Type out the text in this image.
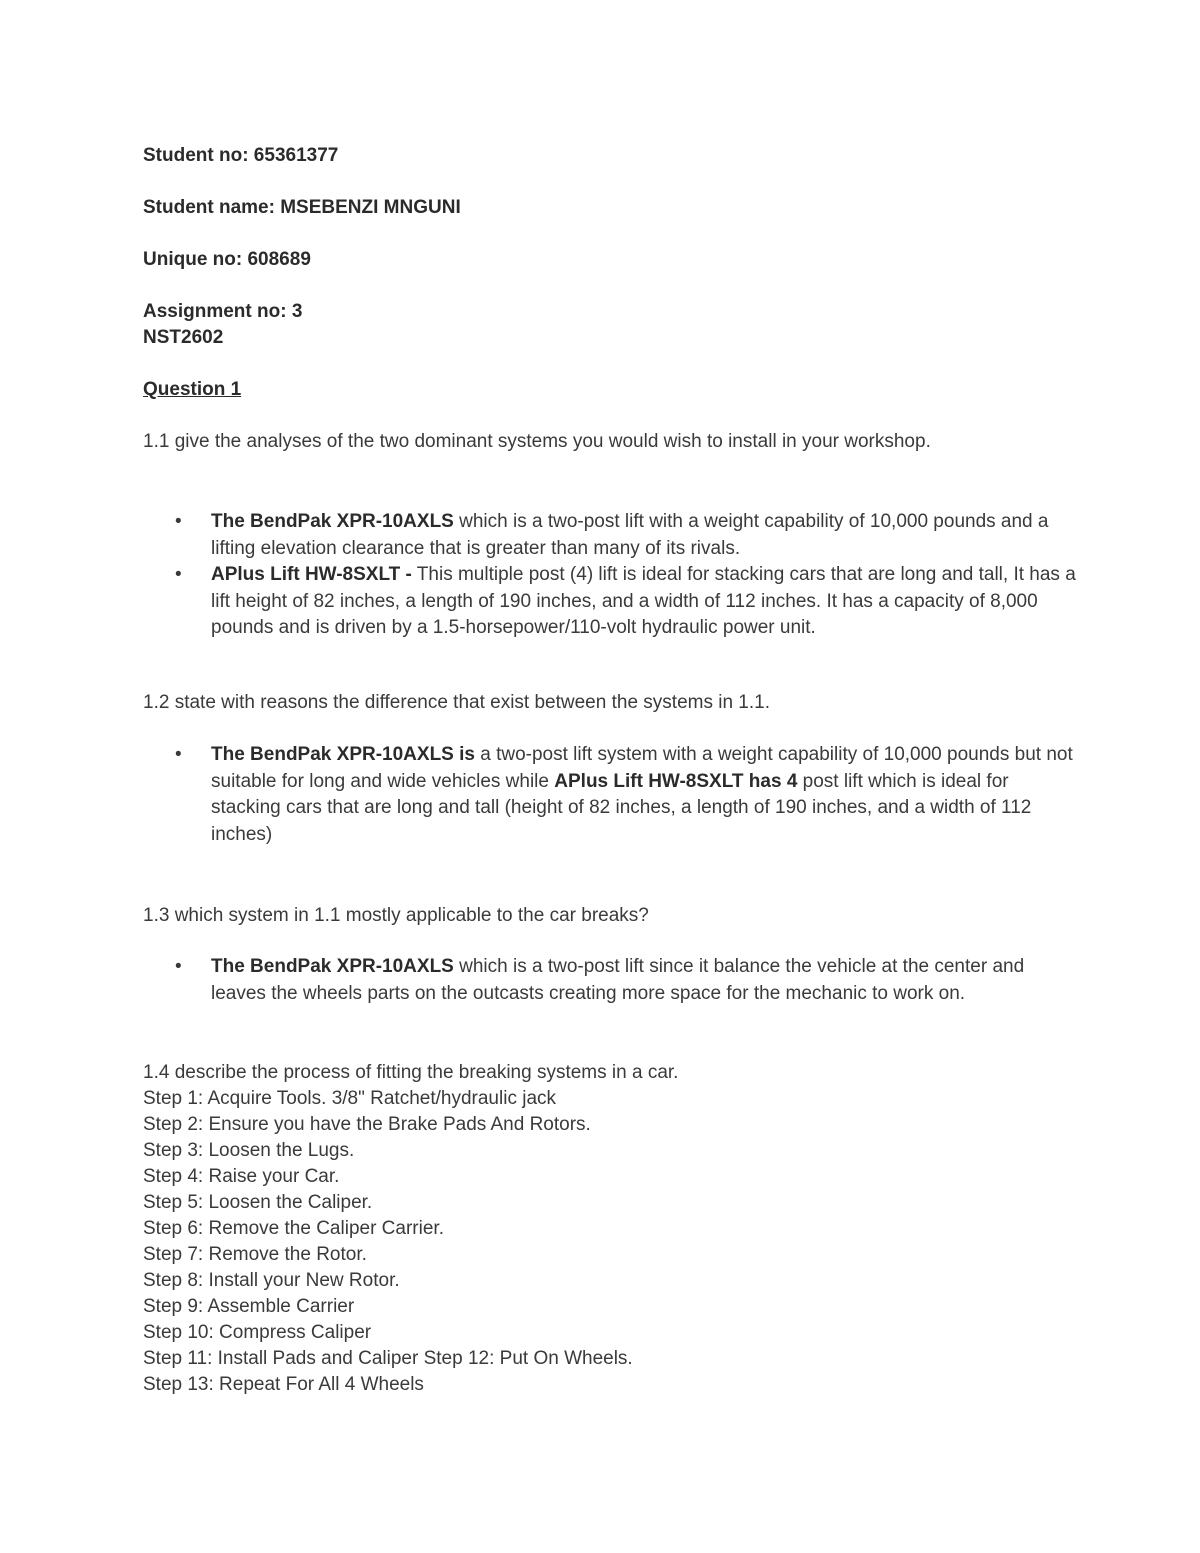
Student no: 65361377
Student name: MSEBENZI MNGUNI
Unique no: 608689
Assignment no: 3
NST2602
Question 1
1.1 give the analyses of the two dominant systems you would wish to install in your workshop.
• The BendPak XPR-10AXLS which is a two-post lift with a weight capability of 10,000 pounds and a lifting elevation clearance that is greater than many of its rivals.
• APlus Lift HW-8SXLT - This multiple post (4) lift is ideal for stacking cars that are long and tall, It has a lift height of 82 inches, a length of 190 inches, and a width of 112 inches. It has a capacity of 8,000 pounds and is driven by a 1.5-horsepower/110-volt hydraulic power unit.
1.2 state with reasons the difference that exist between the systems in 1.1.
• The BendPak XPR-10AXLS is a two-post lift system with a weight capability of 10,000 pounds but not suitable for long and wide vehicles while APlus Lift HW-8SXLT has 4 post lift which is ideal for stacking cars that are long and tall (height of 82 inches, a length of 190 inches, and a width of 112 inches)
1.3 which system in 1.1 mostly applicable to the car breaks?
• The BendPak XPR-10AXLS which is a two-post lift since it balance the vehicle at the center and leaves the wheels parts on the outcasts creating more space for the mechanic to work on.
1.4 describe the process of fitting the breaking systems in a car.
Step 1: Acquire Tools. 3/8" Ratchet/hydraulic jack
Step 2: Ensure you have the Brake Pads And Rotors.
Step 3: Loosen the Lugs.
Step 4: Raise your Car.
Step 5: Loosen the Caliper.
Step 6: Remove the Caliper Carrier.
Step 7: Remove the Rotor.
Step 8: Install your New Rotor.
Step 9: Assemble Carrier
Step 10: Compress Caliper
Step 11: Install Pads and Caliper Step 12: Put On Wheels.
Step 13: Repeat For All 4 Wheels
